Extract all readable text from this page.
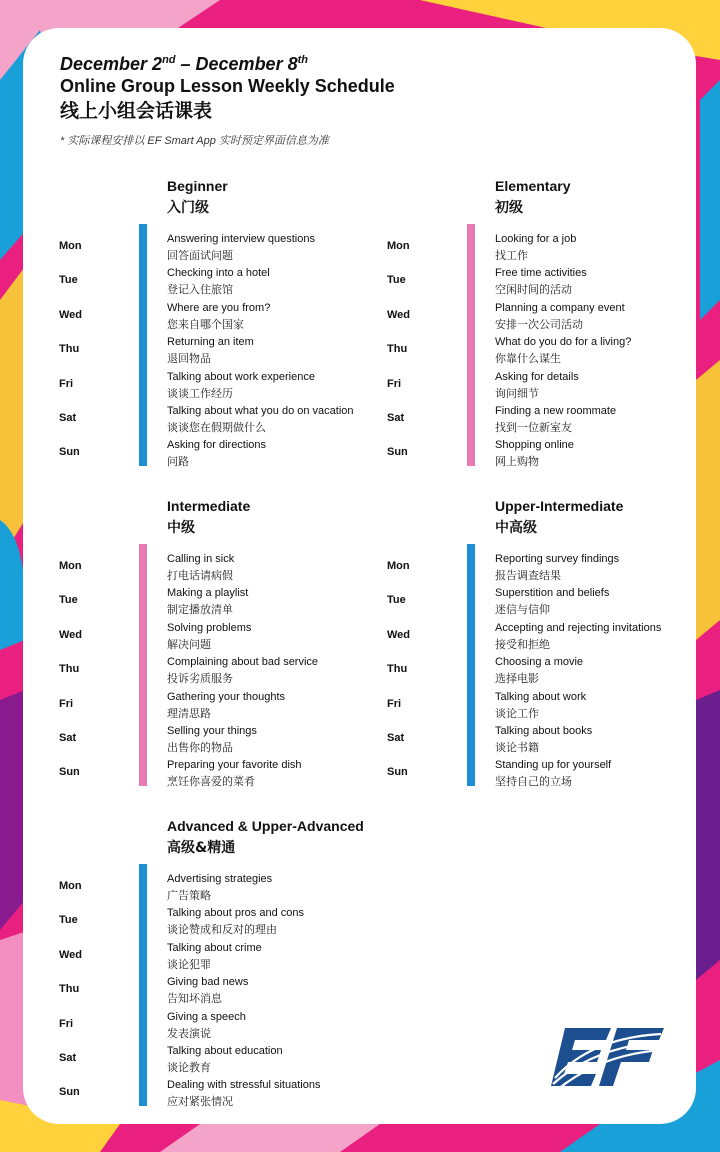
December 2nd – December 8th
Online Group Lesson Weekly Schedule
线上小组会话课表
* 实际课程安排以 EF Smart App 实时预定界面信息为准
Beginner
入门级
Mon
Answering interview questions
回答面试问题
Tue
Checking into a hotel
登记入住旅馆
Wed
Where are you from?
您来自哪个国家
Thu
Returning an item
退回物品
Fri
Talking about work experience
谈谈工作经历
Sat
Talking about what you do on vacation
谈谈您在假期做什么
Sun
Asking for directions
问路
Elementary
初级
Mon
Looking for a job
找工作
Tue
Free time activities
空闲时间的活动
Wed
Planning a company event
安排一次公司活动
Thu
What do you do for a living?
你靠什么谋生
Fri
Asking for details
询问细节
Sat
Finding a new roommate
找到一位新室友
Sun
Shopping online
网上购物
Intermediate
中级
Mon
Calling in sick
打电话请病假
Tue
Making a playlist
制定播放清单
Wed
Solving problems
解决问题
Thu
Complaining about bad service
投诉劣质服务
Fri
Gathering your thoughts
理清思路
Sat
Selling your things
出售你的物品
Sun
Preparing your favorite dish
烹饪你喜爱的菜肴
Upper-Intermediate
中高级
Mon
Reporting survey findings
报告调查结果
Tue
Superstition and beliefs
迷信与信仰
Wed
Accepting and rejecting invitations
接受和拒绝
Thu
Choosing a movie
选择电影
Fri
Talking about work
谈论工作
Sat
Talking about books
谈论书籍
Sun
Standing up for yourself
坚持自己的立场
Advanced & Upper-Advanced
高级&精通
Mon
Advertising strategies
广告策略
Tue
Talking about pros and cons
谈论赞成和反对的理由
Wed
Talking about crime
谈论犯罪
Thu
Giving bad news
告知坏消息
Fri
Giving a speech
发表演说
Sat
Talking about education
谈论教育
Sun
Dealing with stressful situations
应对紧张情况
